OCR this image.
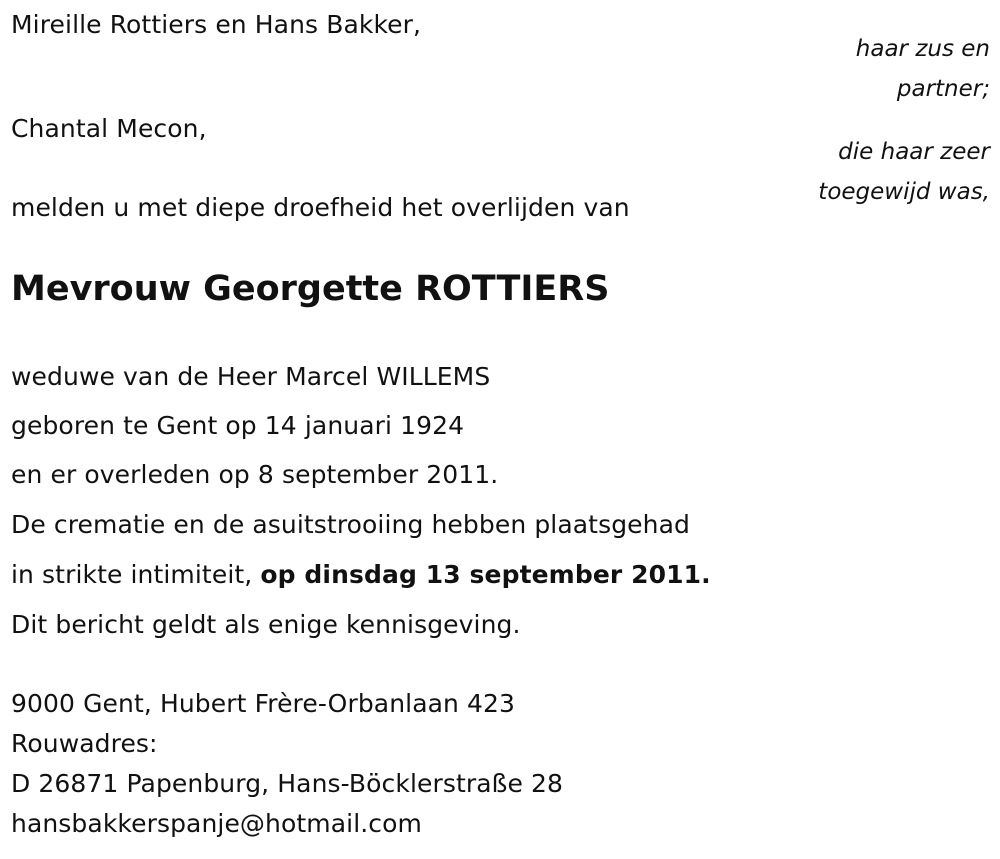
Mireille Rottiers en Hans Bakker,
haar zus en
partner;
Chantal Mecon,
die haar zeer
toegewijd was,
melden u met diepe droefheid het overlijden van
Mevrouw Georgette ROTTIERS
weduwe van de Heer Marcel WILLEMS
geboren te Gent op 14 januari 1924
en er overleden op 8 september 2011.
De crematie en de asuitstrooiing hebben plaatsgehad
in strikte intimiteit, op dinsdag 13 september 2011.
Dit bericht geldt als enige kennisgeving.
9000 Gent, Hubert Frère-Orbanlaan 423
Rouwadres:
D 26871 Papenburg, Hans-Böcklerstraße 28
hansbakkerspanje@hotmail.com
